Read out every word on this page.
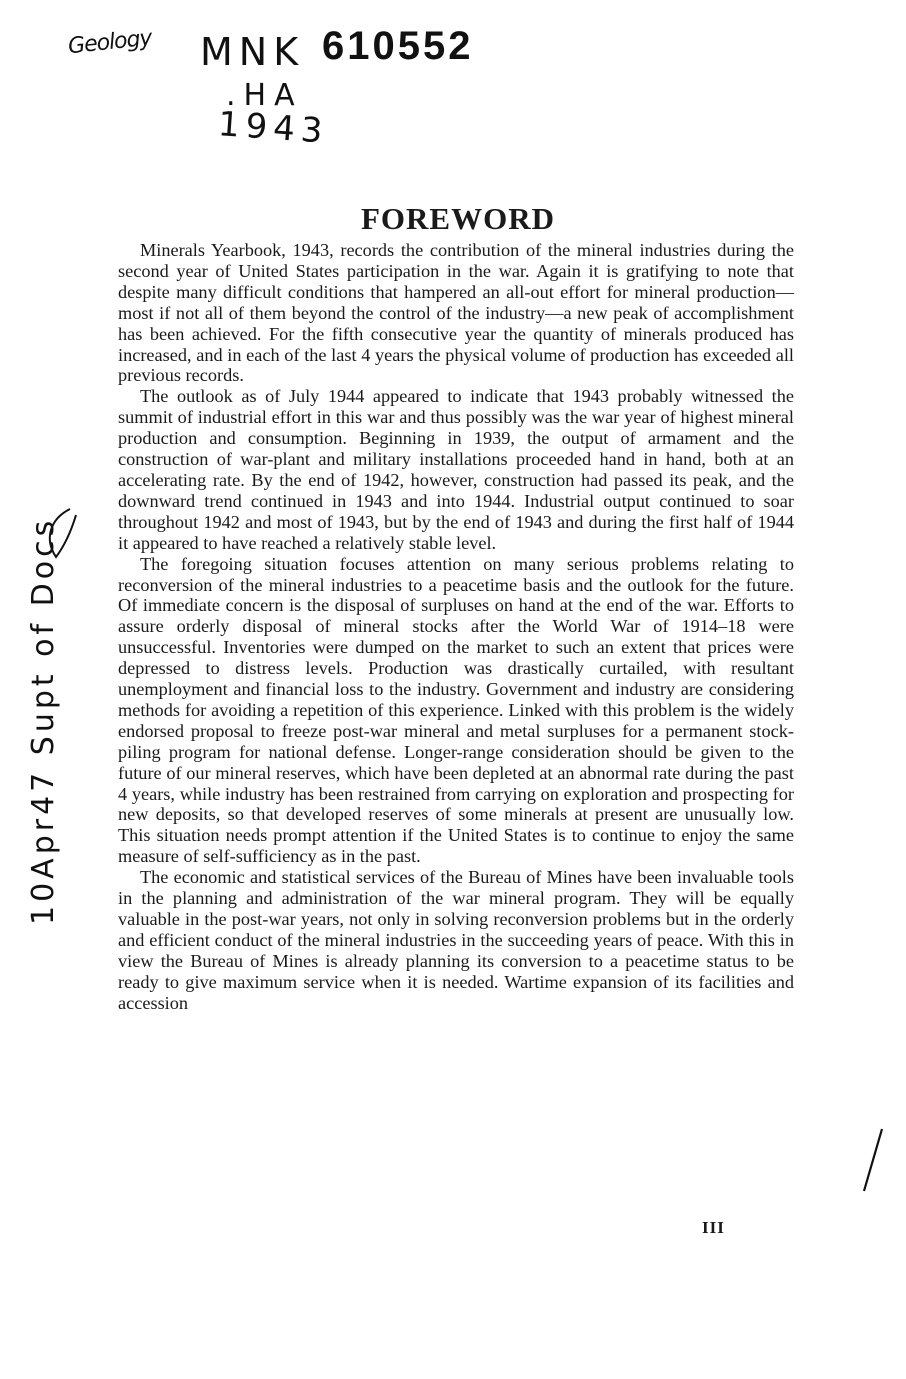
Geology MNK 610552
.HA
1943
10Apr47 Supt of Docs
FOREWORD

Minerals Yearbook, 1943, records the contribution of the mineral industries during the second year of United States participation in the war. Again it is gratifying to note that despite many difficult conditions that hampered an all-out effort for mineral production—most if not all of them beyond the control of the industry—a new peak of accomplishment has been achieved. For the fifth consecutive year the quantity of minerals produced has increased, and in each of the last 4 years the physical volume of production has exceeded all previous records.

The outlook as of July 1944 appeared to indicate that 1943 probably witnessed the summit of industrial effort in this war and thus possibly was the war year of highest mineral production and consumption. Beginning in 1939, the output of armament and the construction of war-plant and military installations proceeded hand in hand, both at an accelerating rate. By the end of 1942, however, construction had passed its peak, and the downward trend continued in 1943 and into 1944. Industrial output continued to soar throughout 1942 and most of 1943, but by the end of 1943 and during the first half of 1944 it appeared to have reached a relatively stable level.

The foregoing situation focuses attention on many serious problems relating to reconversion of the mineral industries to a peacetime basis and the outlook for the future. Of immediate concern is the disposal of surpluses on hand at the end of the war. Efforts to assure orderly disposal of mineral stocks after the World War of 1914–18 were unsuccessful. Inventories were dumped on the market to such an extent that prices were depressed to distress levels. Production was drastically curtailed, with resultant unemployment and financial loss to the industry. Government and industry are considering methods for avoiding a repetition of this experience. Linked with this problem is the widely endorsed proposal to freeze post-war mineral and metal surpluses for a permanent stock-piling program for national defense. Longer-range consideration should be given to the future of our mineral reserves, which have been depleted at an abnormal rate during the past 4 years, while industry has been restrained from carrying on exploration and prospecting for new deposits, so that developed reserves of some minerals at present are unusually low. This situation needs prompt attention if the United States is to continue to enjoy the same measure of self-sufficiency as in the past.

The economic and statistical services of the Bureau of Mines have been invaluable tools in the planning and administration of the war mineral program. They will be equally valuable in the post-war years, not only in solving reconversion problems but in the orderly and efficient conduct of the mineral industries in the succeeding years of peace. With this in view the Bureau of Mines is already planning its conversion to a peacetime status to be ready to give maximum service when it is needed. Wartime expansion of its facilities and accession

III
